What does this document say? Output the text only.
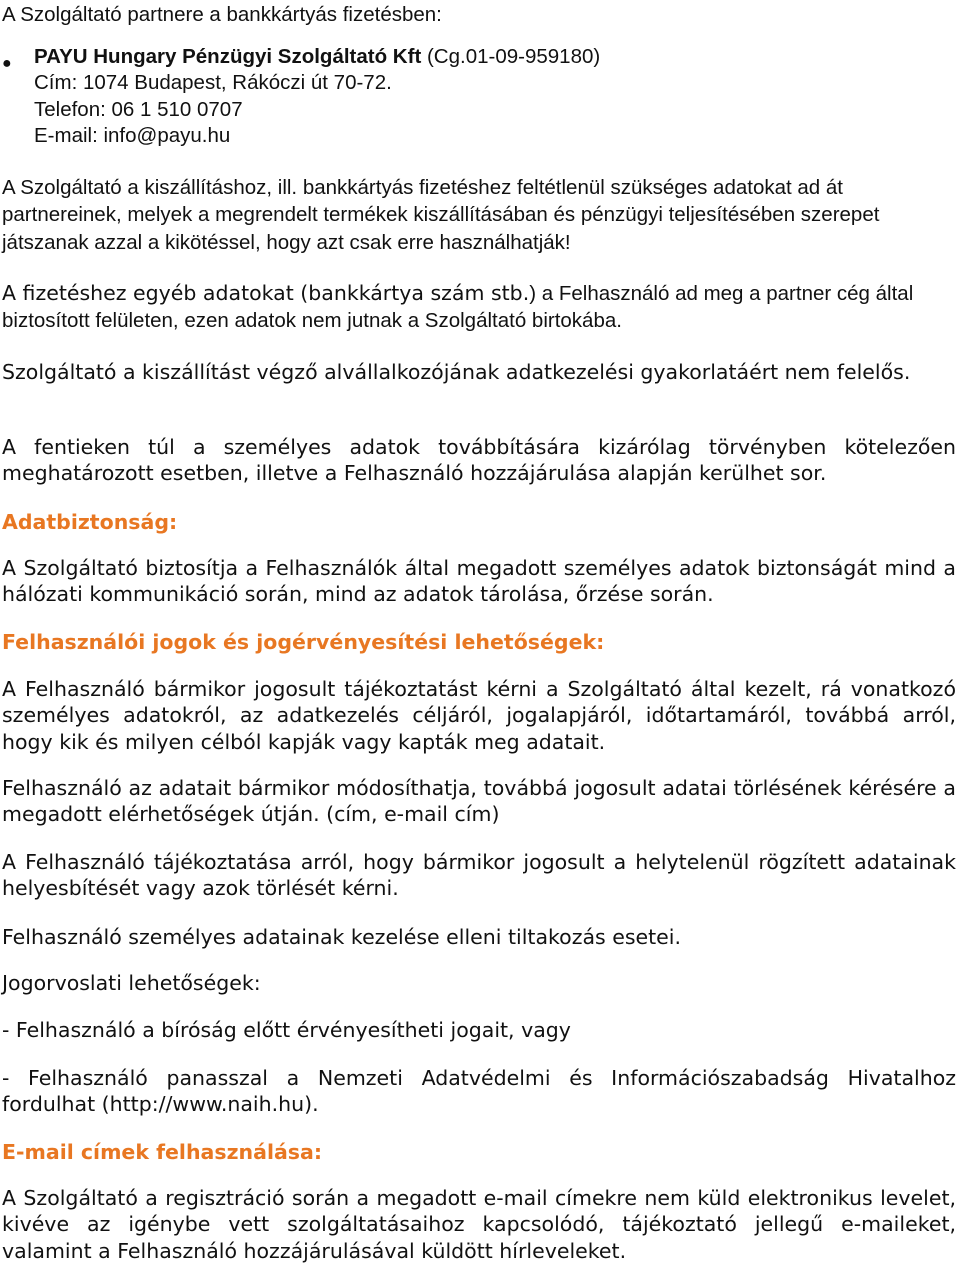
A Szolgáltató partnere a bankkártyás fizetésben:

● PAYU Hungary Pénzügyi Szolgáltató Kft (Cg.01-09-959180)
Cím: 1074 Budapest, Rákóczi út 70-72.
Telefon: 06 1 510 0707
E-mail: info@payu.hu

A Szolgáltató a kiszállításhoz, ill. bankkártyás fizetéshez feltétlenül szükséges adatokat ad át partnereinek, melyek a megrendelt termékek kiszállításában és pénzügyi teljesítésében szerepet játszanak azzal a kikötéssel, hogy azt csak erre használhatják!

A fizetéshez egyéb adatokat (bankkártya szám stb.) a Felhasználó ad meg a partner cég által biztosított felületen, ezen adatok nem jutnak a Szolgáltató birtokába.

Szolgáltató a kiszállítást végző alvállalkozójának adatkezelési gyakorlatáért nem felelős.

A fentieken túl a személyes adatok továbbítására kizárólag törvényben kötelezően meghatározott esetben, illetve a Felhasználó hozzájárulása alapján kerülhet sor.

Adatbiztonság:

A Szolgáltató biztosítja a Felhasználók által megadott személyes adatok biztonságát mind a hálózati kommunikáció során, mind az adatok tárolása, őrzése során.

Felhasználói jogok és jogérvényesítési lehetőségek:

A Felhasználó bármikor jogosult tájékoztatást kérni a Szolgáltató által kezelt, rá vonatkozó személyes adatokról, az adatkezelés céljáról, jogalapjáról, időtartamáról, továbbá arról, hogy kik és milyen célból kapják vagy kapták meg adatait.

Felhasználó az adatait bármikor módosíthatja, továbbá jogosult adatai törlésének kérésére a megadott elérhetőségek útján. (cím, e-mail cím)

A Felhasználó tájékoztatása arról, hogy bármikor jogosult a helytelenül rögzített adatainak helyesbítését vagy azok törlését kérni.

Felhasználó személyes adatainak kezelése elleni tiltakozás esetei.

Jogorvoslati lehetőségek:

- Felhasználó a bíróság előtt érvényesítheti jogait, vagy

- Felhasználó panasszal a Nemzeti Adatvédelmi és Információszabadság Hivatalhoz fordulhat (http://www.naih.hu).

E-mail címek felhasználása:

A Szolgáltató a regisztráció során a megadott e-mail címekre nem küld elektronikus levelet, kivéve az igénybe vett szolgáltatásaihoz kapcsolódó, tájékoztató jellegű e-maileket, valamint a Felhasználó hozzájárulásával küldött hírleveleket.
